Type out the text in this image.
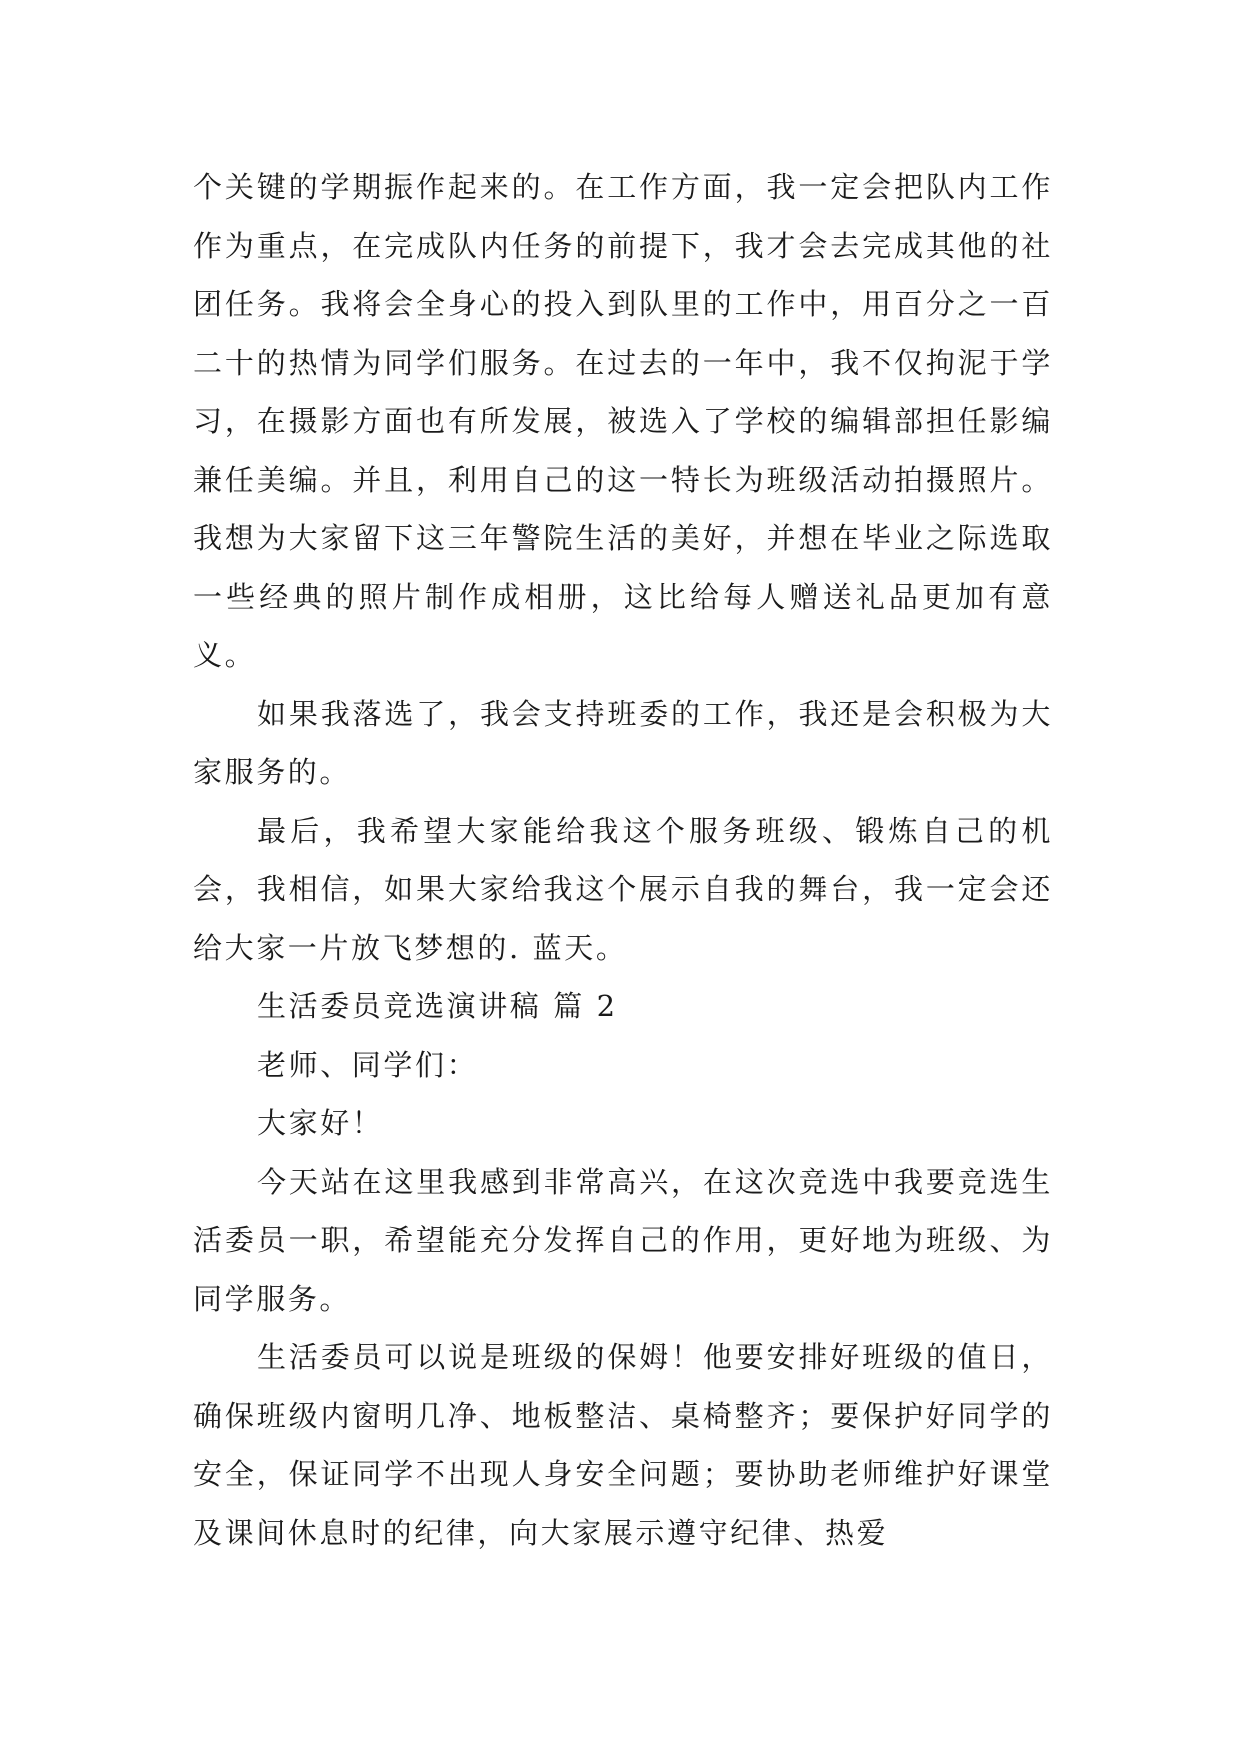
个关键的学期振作起来的。在工作方面，我一定会把队内工作作为重点，在完成队内任务的前提下，我才会去完成其他的社团任务。我将会全身心的投入到队里的工作中，用百分之一百二十的热情为同学们服务。在过去的一年中，我不仅拘泥于学习，在摄影方面也有所发展，被选入了学校的编辑部担任影编兼任美编。并且，利用自己的这一特长为班级活动拍摄照片。我想为大家留下这三年警院生活的美好，并想在毕业之际选取一些经典的照片制作成相册，这比给每人赠送礼品更加有意义。

如果我落选了，我会支持班委的工作，我还是会积极为大家服务的。

最后，我希望大家能给我这个服务班级、锻炼自己的机会，我相信，如果大家给我这个展示自我的舞台，我一定会还给大家一片放飞梦想的. 蓝天。

生活委员竞选演讲稿 篇 2

老师、同学们：

大家好！

今天站在这里我感到非常高兴，在这次竞选中我要竞选生活委员一职，希望能充分发挥自己的作用，更好地为班级、为同学服务。

生活委员可以说是班级的保姆！他要安排好班级的值日，确保班级内窗明几净、地板整洁、桌椅整齐；要保护好同学的安全，保证同学不出现人身安全问题；要协助老师维护好课堂及课间休息时的纪律，向大家展示遵守纪律、热爱
